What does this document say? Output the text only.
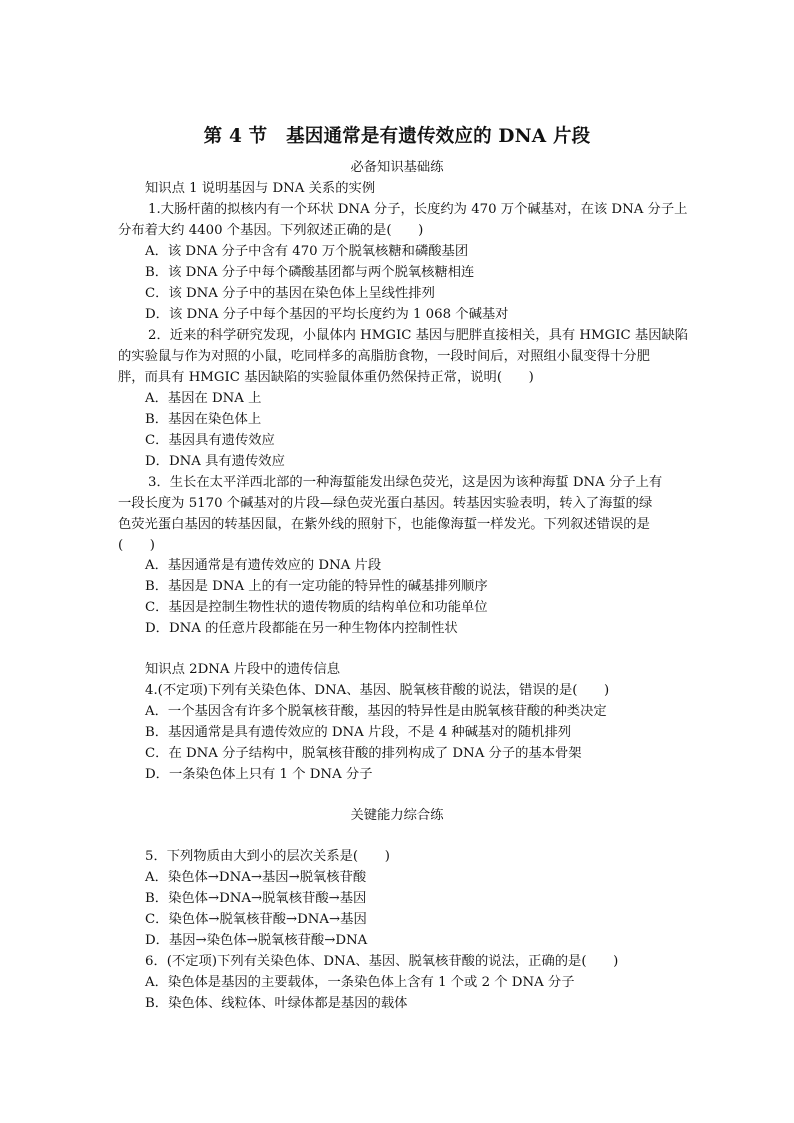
第 4 节　基因通常是有遗传效应的 DNA 片段
必备知识基础练
知识点 1 说明基因与 DNA 关系的实例
1.大肠杆菌的拟核内有一个环状 DNA 分子，长度约为 470 万个碱基对，在该 DNA 分子上
分布着大约 4400 个基因。下列叙述正确的是(　　)
A．该 DNA 分子中含有 470 万个脱氧核糖和磷酸基团
B．该 DNA 分子中每个磷酸基团都与两个脱氧核糖相连
C．该 DNA 分子中的基因在染色体上呈线性排列
D．该 DNA 分子中每个基因的平均长度约为 1 068 个碱基对
2．近来的科学研究发现，小鼠体内 HMGIC 基因与肥胖直接相关，具有 HMGIC 基因缺陷
的实验鼠与作为对照的小鼠，吃同样多的高脂肪食物，一段时间后，对照组小鼠变得十分肥
胖，而具有 HMGIC 基因缺陷的实验鼠体重仍然保持正常，说明(　　)
A．基因在 DNA 上
B．基因在染色体上
C．基因具有遗传效应
D．DNA 具有遗传效应
3．生长在太平洋西北部的一种海蜇能发出绿色荧光，这是因为该种海蜇 DNA 分子上有
一段长度为 5170 个碱基对的片段—绿色荧光蛋白基因。转基因实验表明，转入了海蜇的绿
色荧光蛋白基因的转基因鼠，在紫外线的照射下，也能像海蜇一样发光。下列叙述错误的是
(　　)
A．基因通常是有遗传效应的 DNA 片段
B．基因是 DNA 上的有一定功能的特异性的碱基排列顺序
C．基因是控制生物性状的遗传物质的结构单位和功能单位
D．DNA 的任意片段都能在另一种生物体内控制性状
知识点 2DNA 片段中的遗传信息
4.(不定项)下列有关染色体、DNA、基因、脱氧核苷酸的说法，错误的是(　　)
A．一个基因含有许多个脱氧核苷酸，基因的特异性是由脱氧核苷酸的种类决定
B．基因通常是具有遗传效应的 DNA 片段，不是 4 种碱基对的随机排列
C．在 DNA 分子结构中，脱氧核苷酸的排列构成了 DNA 分子的基本骨架
D．一条染色体上只有 1 个 DNA 分子
关键能力综合练
5．下列物质由大到小的层次关系是(　　)
A．染色体→DNA→基因→脱氧核苷酸
B．染色体→DNA→脱氧核苷酸→基因
C．染色体→脱氧核苷酸→DNA→基因
D．基因→染色体→脱氧核苷酸→DNA
6．(不定项)下列有关染色体、DNA、基因、脱氧核苷酸的说法，正确的是(　　)
A．染色体是基因的主要载体，一条染色体上含有 1 个或 2 个 DNA 分子
B．染色体、线粒体、叶绿体都是基因的载体
